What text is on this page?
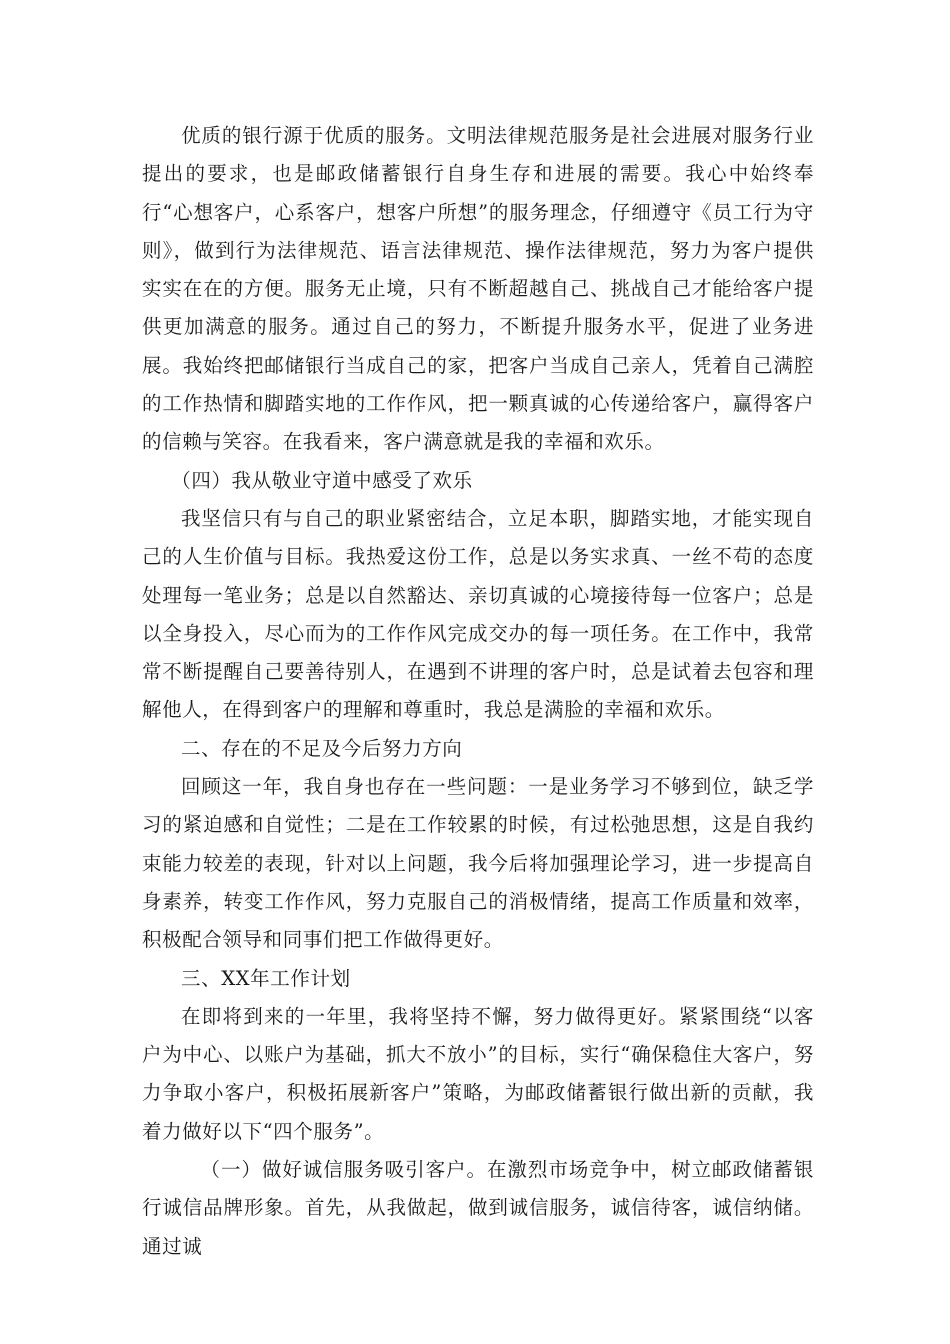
优质的银行源于优质的服务。文明法律规范服务是社会进展对服务行业提出的要求，也是邮政储蓄银行自身生存和进展的需要。我心中始终奉行“心想客户，心系客户，想客户所想”的服务理念，仔细遵守《员工行为守则》，做到行为法律规范、语言法律规范、操作法律规范，努力为客户提供实实在在的方便。服务无止境，只有不断超越自己、挑战自己才能给客户提供更加满意的服务。通过自己的努力，不断提升服务水平，促进了业务进展。我始终把邮储银行当成自己的家，把客户当成自己亲人，凭着自己满腔的工作热情和脚踏实地的工作作风，把一颗真诚的心传递给客户，赢得客户的信赖与笑容。在我看来，客户满意就是我的幸福和欢乐。

（四）我从敬业守道中感受了欢乐

我坚信只有与自己的职业紧密结合，立足本职，脚踏实地，才能实现自己的人生价值与目标。我热爱这份工作，总是以务实求真、一丝不苟的态度处理每一笔业务；总是以自然豁达、亲切真诚的心境接待每一位客户；总是以全身投入，尽心而为的工作作风完成交办的每一项任务。在工作中，我常常不断提醒自己要善待别人，在遇到不讲理的客户时，总是试着去包容和理解他人，在得到客户的理解和尊重时，我总是满脸的幸福和欢乐。

二、存在的不足及今后努力方向

回顾这一年，我自身也存在一些问题：一是业务学习不够到位，缺乏学习的紧迫感和自觉性；二是在工作较累的时候，有过松弛思想，这是自我约束能力较差的表现，针对以上问题，我今后将加强理论学习，进一步提高自身素养，转变工作作风，努力克服自己的消极情绪，提高工作质量和效率，积极配合领导和同事们把工作做得更好。

三、XX年工作计划

在即将到来的一年里，我将坚持不懈，努力做得更好。紧紧围绕“以客户为中心、以账户为基础，抓大不放小”的目标，实行“确保稳住大客户，努力争取小客户，积极拓展新客户”策略，为邮政储蓄银行做出新的贡献，我着力做好以下“四个服务”。

（一）做好诚信服务吸引客户。在激烈市场竞争中，树立邮政储蓄银行诚信品牌形象。首先，从我做起，做到诚信服务，诚信待客，诚信纳储。通过诚
